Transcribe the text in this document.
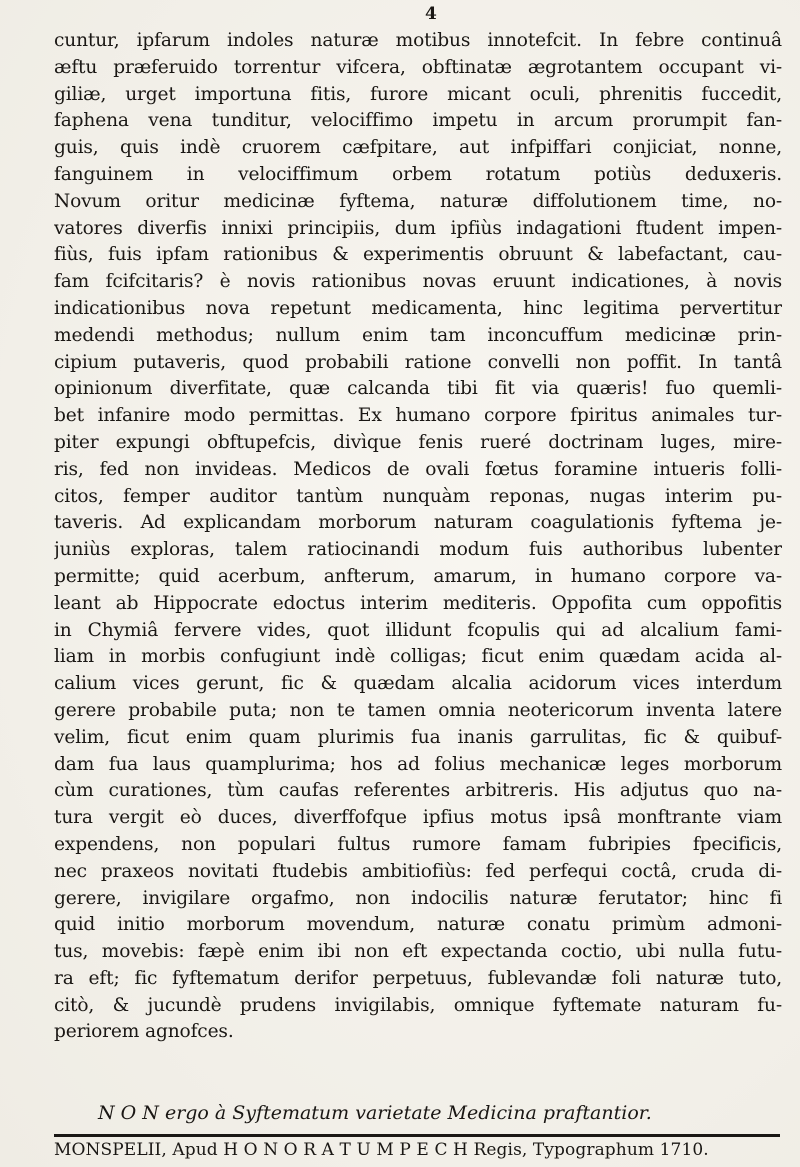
4
cuntur, ipfarum indoles naturæ motibus innotefcit. In febre continuâ
æftu præferuido torrentur vifcera, obftinatæ ægrotantem occupant vi-
giliæ, urget importuna fitis, furore micant oculi, phrenitis fuccedit,
faphena vena tunditur, velociffimo impetu in arcum prorumpit fan-
guis, quis indè cruorem cæfpitare, aut infpiffari conjiciat, nonne,
fanguinem in velociffimum orbem rotatum potiùs deduxeris.
Novum oritur medicinæ fyftema, naturæ diffolutionem time, no-
vatores diverfis innixi principiis, dum ipfiùs indagationi ftudent impen-
fiùs, fuis ipfam rationibus & experimentis obruunt & labefactant, cau-
fam fcifcitaris? è novis rationibus novas eruunt indicationes, à novis
indicationibus nova repetunt medicamenta, hinc legitima pervertitur
medendi methodus; nullum enim tam inconcuffum medicinæ prin-
cipium putaveris, quod probabili ratione convelli non poffit. In tantâ
opinionum diverfitate, quæ calcanda tibi fit via quæris! fuo quemli-
bet infanire modo permittas. Ex humano corpore fpiritus animales tur-
piter expungi obftupefcis, divìque fenis rueré doctrinam luges, mire-
ris, fed non invideas. Medicos de ovali fœtus foramine intueris folli-
citos, femper auditor tantùm nunquàm reponas, nugas interim pu-
taveris. Ad explicandam morborum naturam coagulationis fyftema je-
juniùs exploras, talem ratiocinandi modum fuis authoribus lubenter
permitte; quid acerbum, anfterum, amarum, in humano corpore va-
leant ab Hippocrate edoctus interim mediteris. Oppofita cum oppofitis
in Chymiâ fervere vides, quot illidunt fcopulis qui ad alcalium fami-
liam in morbis confugiunt indè colligas; ficut enim quædam acida al-
calium vices gerunt, fic & quædam alcalia acidorum vices interdum
gerere probabile puta; non te tamen omnia neotericorum inventa latere
velim, ficut enim quam plurimis fua inanis garrulitas, fic & quibuf-
dam fua laus quamplurima; hos ad folius mechanicæ leges morborum
cùm curationes, tùm caufas referentes arbitreris. His adjutus quo na-
tura vergit eò duces, diverffofque ipfius motus ipsâ monftrante viam
expendens, non populari fultus rumore famam fubripies fpecificis,
nec praxeos novitati ftudebis ambitiofiùs: fed perfequi coctâ, cruda di-
gerere, invigilare orgafmo, non indocilis naturæ ferutator; hinc fi
quid initio morborum movendum, naturæ conatu primùm admoni-
tus, movebis: fæpè enim ibi non eft expectanda coctio, ubi nulla futu-
ra eft; fic fyftematum derifor perpetuus, fublevandæ foli naturæ tuto,
citò, & jucundè prudens invigilabis, omnique fyftemate naturam fu-
periorem agnofces.
N O N ergo à Syftematum varietate Medicina praftantior.
MONSPELII, Apud H O N O R A T U M P E C H Regis, Typographum 1710.
